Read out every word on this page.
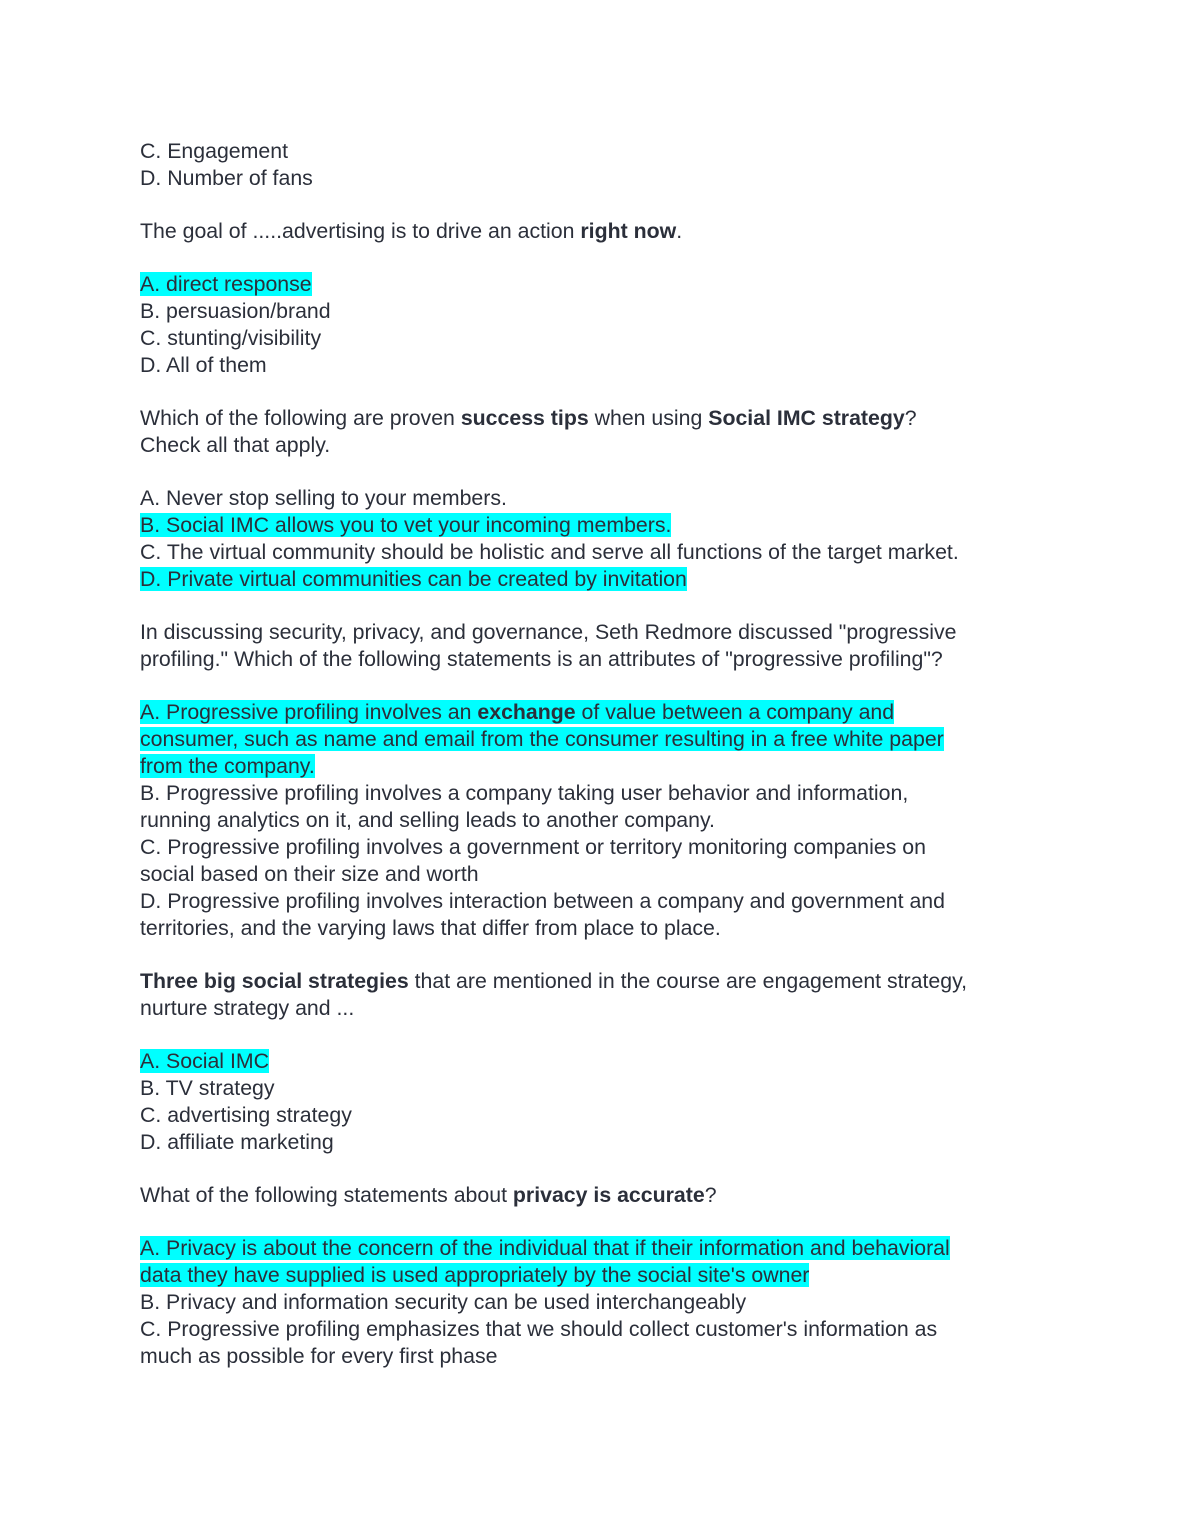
C. Engagement

D. Number of fans

The goal of .....advertising is to drive an action right now.

A. direct response

B. persuasion/brand

C. stunting/visibility

D. All of them

Which of the following are proven success tips when using Social IMC strategy?

Check all that apply.

A. Never stop selling to your members.

B. Social IMC allows you to vet your incoming members.

C. The virtual community should be holistic and serve all functions of the target market.

D. Private virtual communities can be created by invitation

In discussing security, privacy, and governance, Seth Redmore discussed "progressive

profiling." Which of the following statements is an attributes of "progressive profiling"?

A. Progressive profiling involves an exchange of value between a company and

consumer, such as name and email from the consumer resulting in a free white paper

from the company.

B. Progressive profiling involves a company taking user behavior and information,

running analytics on it, and selling leads to another company.

C. Progressive profiling involves a government or territory monitoring companies on

social based on their size and worth

D. Progressive profiling involves interaction between a company and government and

territories, and the varying laws that differ from place to place.

Three big social strategies that are mentioned in the course are engagement strategy,

nurture strategy and ...

A. Social IMC

B. TV strategy

C. advertising strategy

D. affiliate marketing

What of the following statements about privacy is accurate?

A. Privacy is about the concern of the individual that if their information and behavioral

data they have supplied is used appropriately by the social site's owner

B. Privacy and information security can be used interchangeably

C. Progressive profiling emphasizes that we should collect customer's information as

much as possible for every first phase
